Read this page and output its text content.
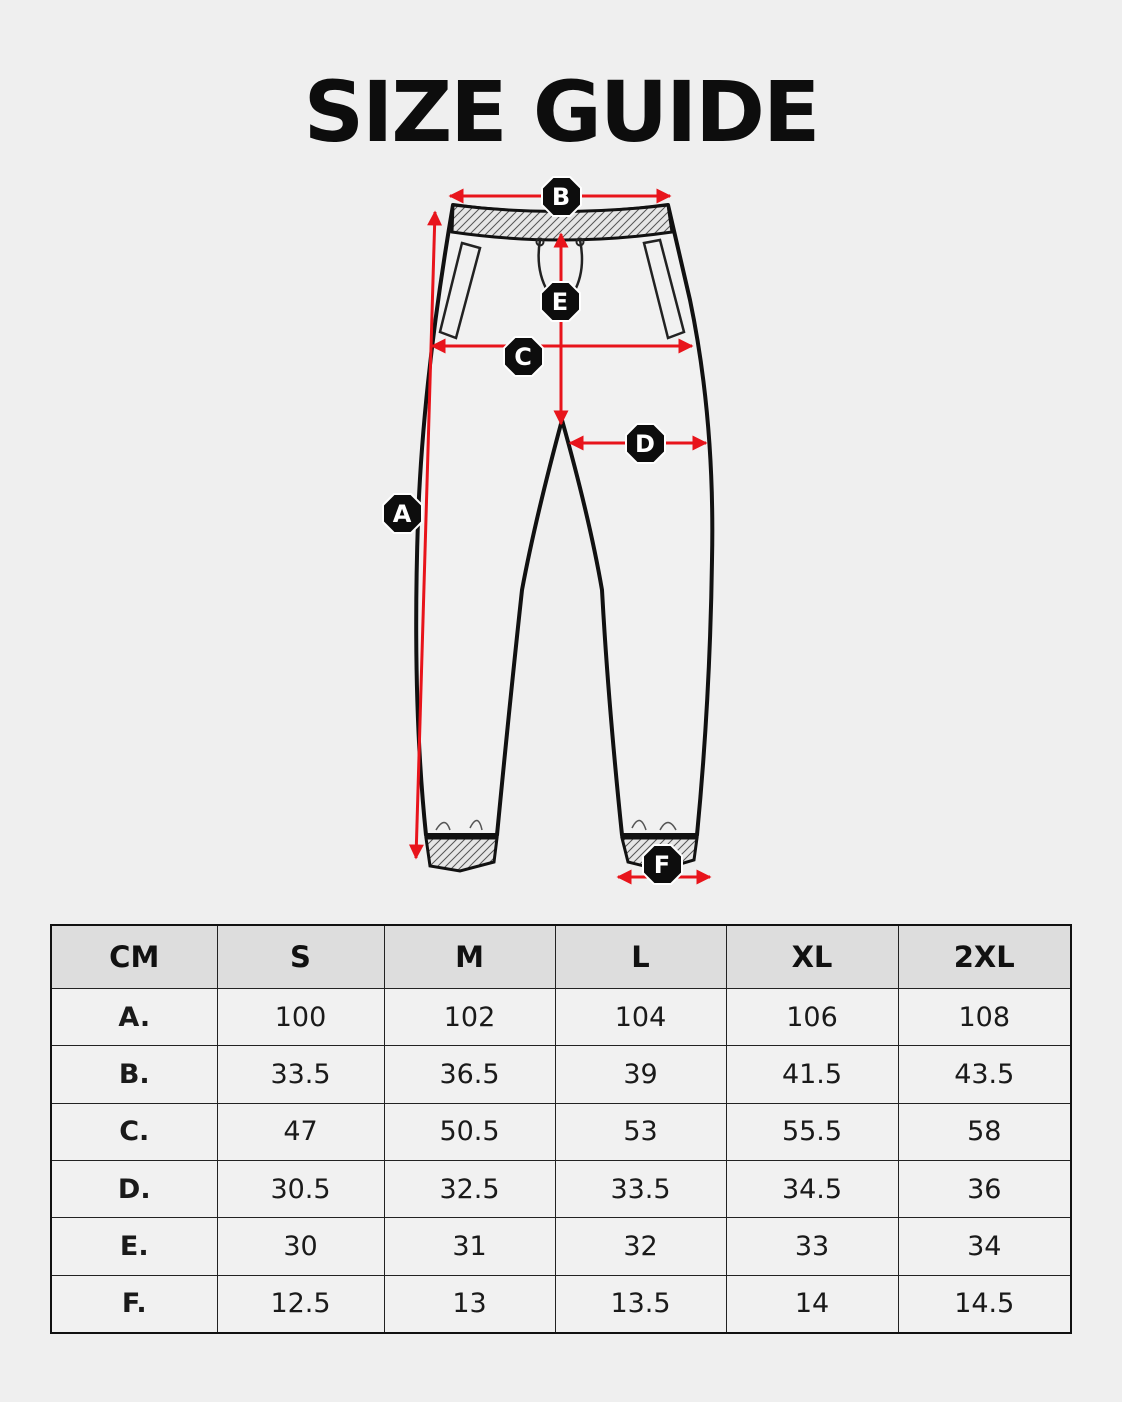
SIZE GUIDE
A
B
C
D
E
F
CM	S	M	L	XL	2XL
A.	100	102	104	106	108
B.	33.5	36.5	39	41.5	43.5
C.	47	50.5	53	55.5	58
D.	30.5	32.5	33.5	34.5	36
E.	30	31	32	33	34
F.	12.5	13	13.5	14	14.5
